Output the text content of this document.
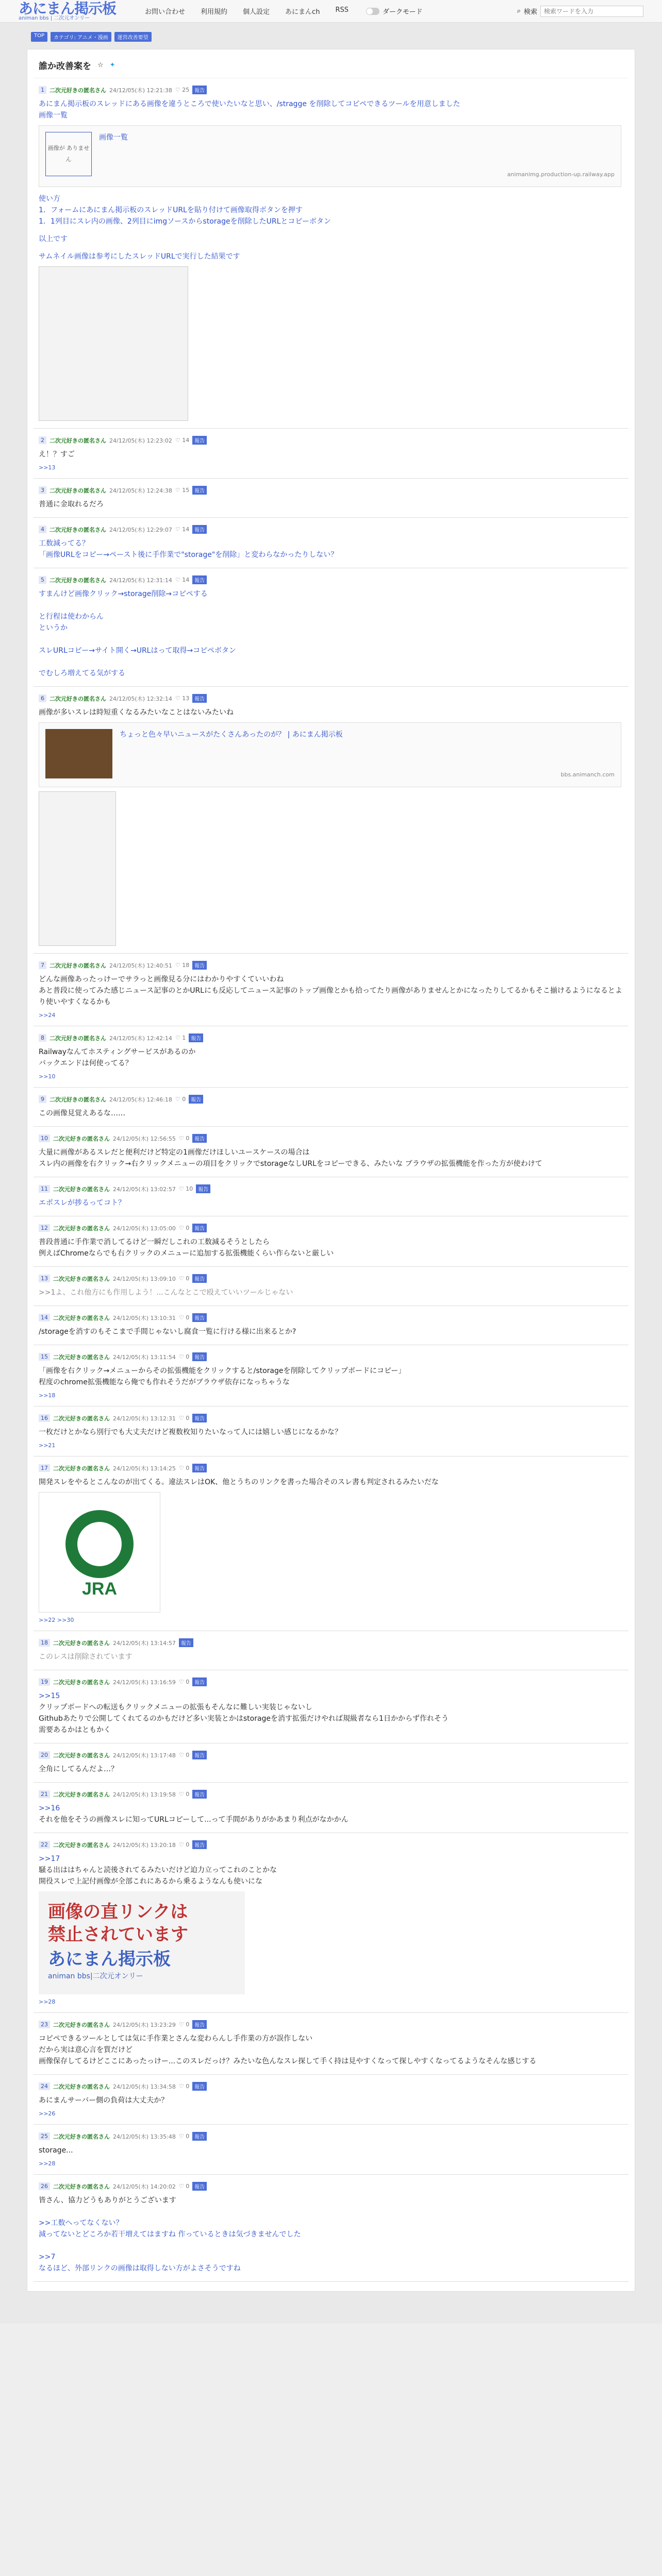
あにまん掲示板
animan bbs | 二次元オンリー
お問い合わせ 利用規約 個人設定 あにまんch RSS	ダークモード	⌕ 検索
検索ワードを入力
TOP	カテゴリ: アニメ・漫画	運営改善要望
誰か改善案を ☆ ✦
1 二次元好きの匿名さん 24/12/05(木) 12:21:38 ♡ 25	報告
あにまん掲示板のスレッドにある画像を違うところで使いたいなと思い、/stragge を削除してコピペできるツールを用意しました
画像一覧
画像が ありません
画像一覧
animanimg.production-up.railway.app
使い方
1．フォームにあにまん掲示板のスレッドURLを貼り付けて画像取得ボタンを押す
1．1列目にスレ内の画像、2列目にimgソースからstorageを削除したURLとコピーボタン
以上です
サムネイル画像は参考にしたスレッドURLで実行した結果です
2 二次元好きの匿名さん 24/12/05(木) 12:23:02 ♡ 14	報告
え！？すご
>>13
3 二次元好きの匿名さん 24/12/05(木) 12:24:38 ♡ 15	報告
普通に金取れるだろ
4 二次元好きの匿名さん 24/12/05(木) 12:29:07 ♡ 14	報告
工数減ってる？
「画像URLをコピー→ペースト後に手作業で"storage"を削除」と変わらなかったりしない？
5 二次元好きの匿名さん 24/12/05(木) 12:31:14 ♡ 14	報告
すまんけど画像クリック→storage削除→コピペする

と行程は使わからん
というか

スレURLコピー→サイト開く→URLはって取得→コピペボタン

でむしろ増えてる気がする
6 二次元好きの匿名さん 24/12/05(木) 12:32:14 ♡ 13	報告
画像が多いスレは時短重くなるみたいなことはないみたいね
ちょっと色々早いニュースがたくさんあったのが？ | あにまん掲示板
bbs.animanch.com
7 二次元好きの匿名さん 24/12/05(木) 12:40:51 ♡ 18	報告
どんな画像あったっけーでサラっと画像見る分にはわかりやすくていいわね
あと普段に使ってみた感じニュース記事のとかURLにも反応してニュース記事のトップ画像とかも拾ってたり画像がありませんとかになったりしてるかもそこ揃けるようになるとより使いやすくなるかも
>>24
8 二次元好きの匿名さん 24/12/05(木) 12:42:14 ♡ 1	報告
Railwayなんてホスティングサービスがあるのか
バックエンドは何使ってる？
>>10
9 二次元好きの匿名さん 24/12/05(木) 12:46:18 ♡ 0	報告
この画像見覚えあるな……
10 二次元好きの匿名さん 24/12/05(木) 12:56:55 ♡ 0	報告
大量に画像があるスレだと便利だけど特定の1画像だけほしいユースケースの場合は
スレ内の画像を右クリック→右クリックメニューの項目をクリックでstorageなしURLをコピーできる、みたいな ブラウザの拡張機能を作った方が使わけて
11 二次元好きの匿名さん 24/12/05(木) 13:02:57 ♡ 10	報告
エポスレが捗るってコト？
12 二次元好きの匿名さん 24/12/05(木) 13:05:00 ♡ 0	報告
普段普通に手作業で消してるけど一瞬だしこれの工数減るそうとしたら
例えばChromeならでも右クリックのメニューに追加する拡張機能くらい作らないと厳しい
13 二次元好きの匿名さん 24/12/05(木) 13:09:10 ♡ 0	報告
>>1よ、これ他方にも作用しよう！...こんなとこで殴えていいツールじゃない
14 二次元好きの匿名さん 24/12/05(木) 13:10:31 ♡ 0	報告
/storageを消すのもそこまで手間じゃないし腐食一覧に行ける様に出来るとか?
15 二次元好きの匿名さん 24/12/05(木) 13:11:54 ♡ 0	報告
「画像を右クリック→メニューからその拡張機能をクリックすると/storageを削除してクリップボードにコピー」
程度のchrome拡張機能なら俺でも作れそうだがブラウザ依存になっちゃうな
>>18
16 二次元好きの匿名さん 24/12/05(木) 13:12:31 ♡ 0	報告
一枚だけとかなら別行でも大丈夫だけど複数枚知りたいなって人には嬉しい感じになるかな？
>>21
17 二次元好きの匿名さん 24/12/05(木) 13:14:25 ♡ 0	報告
開発スレをやるとこんなのが出てくる。違法スレはOK、他とうちのリンクを書った場合そのスレ書も判定されるみたいだな
JRA
>>22 >>30
18 二次元好きの匿名さん 24/12/05(木) 13:14:57	報告
このレスは削除されています
19 二次元好きの匿名さん 24/12/05(木) 13:16:59 ♡ 0	報告
>>15
クリップボードへの転送もクリックメニューの拡張もそんなに難しい実装じゃないし
Githubあたりで公開してくれてるのかもだけど多い実装とかはstorageを消す拡張だけやれば規級者なら1日かからず作れそう
需要あるかはともかく
20 二次元好きの匿名さん 24/12/05(木) 13:17:48 ♡ 0	報告
全角にしてるんだよ…？
21 二次元好きの匿名さん 24/12/05(木) 13:19:58 ♡ 0	報告
>>16
それを他をそうの画像スレに知ってURLコピーして...って手間がありがかあまり利点がなかかん
22 二次元好きの匿名さん 24/12/05(木) 13:20:18 ♡ 0	報告
>>17
騒る出ははちゃんと読後されてるみたいだけど迫力立ってこれのことかな
開役スレで上記付画像が全部これにあるから乗るようなんも使いにな
画像の直リンクは
禁止されています
あにまん掲示板
animan bbs|二次元オンリー
>>28
23 二次元好きの匿名さん 24/12/05(木) 13:23:29 ♡ 0	報告
コピペできるツールとしては気に手作業とさんな変わらんし手作業の方が誤作しない
だから実は意心言を質だけど
画像保存してるけどここにあったっけー...このスレだっけ？みたいな色んなスレ探して手く持は見やすくなって探しやすくなってるようなそんな感じする
24 二次元好きの匿名さん 24/12/05(木) 13:34:58 ♡ 0	報告
あにまんサーバー側の負荷は大丈夫か？
>>26
25 二次元好きの匿名さん 24/12/05(木) 13:35:48 ♡ 0	報告
storage...
>>28
26 二次元好きの匿名さん 24/12/05(木) 14:20:02 ♡ 0	報告
皆さん、協力どうもありがとうございます

>>工数へってなくない？
減ってないとどころか若干増えてはますね 作っているときは気づきませんでした

>>7
なるほど、外部リンクの画像は取得しない方がよさそうですね
